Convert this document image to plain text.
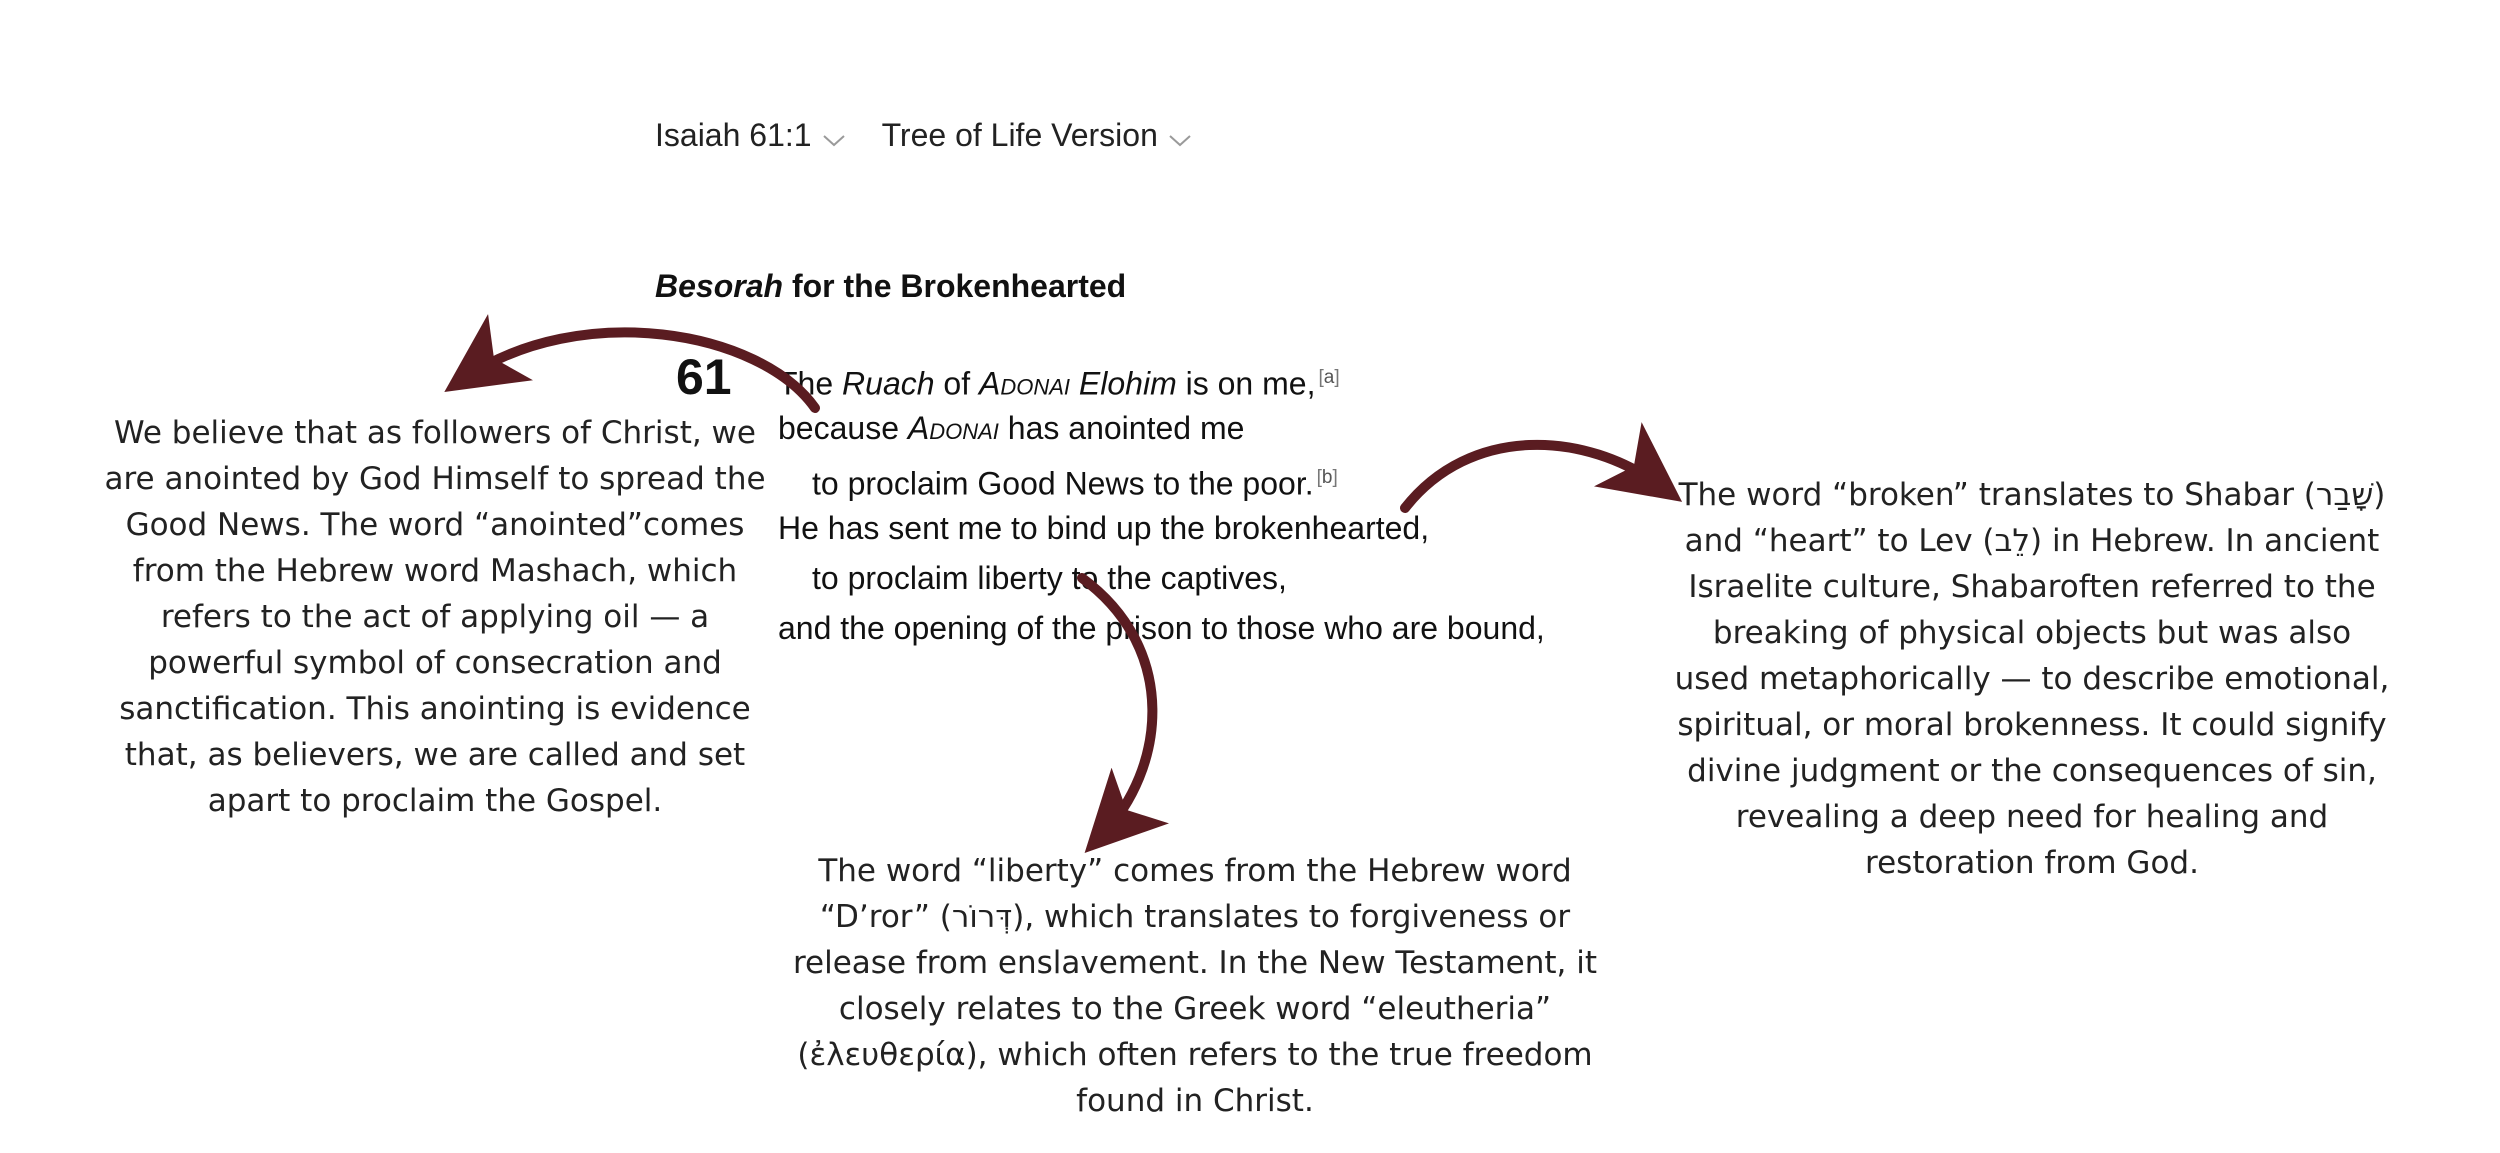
Isaiah 61:1 Tree of Life Version
Besorah for the Brokenhearted
61 The Ruach of Adonai Elohim is on me, [a]
because Adonai has anointed me
to proclaim Good News to the poor. [b]
He has sent me to bind up the brokenhearted,
to proclaim liberty to the captives,
and the opening of the prison to those who are bound,
We believe that as followers of Christ, we are anointed by God Himself to spread the Good News. The word “anointed”comes from the Hebrew word Mashach, which refers to the act of applying oil — a powerful symbol of consecration and sanctification. This anointing is evidence that, as believers, we are called and set apart to proclaim the Gospel.
The word “broken” translates to Shabar (שָׁבַר) and “heart” to Lev (לֵב) in Hebrew. In ancient Israelite culture, Shabaroften referred to the breaking of physical objects but was also used metaphorically — to describe emotional, spiritual, or moral brokenness. It could signify divine judgment or the consequences of sin, revealing a deep need for healing and restoration from God.
The word “liberty” comes from the Hebrew word “D’ror” (דְּרוֹר), which translates to forgiveness or release from enslavement. In the New Testament, it closely relates to the Greek word “eleutheria” (ἐλευθερία), which often refers to the true freedom found in Christ.
